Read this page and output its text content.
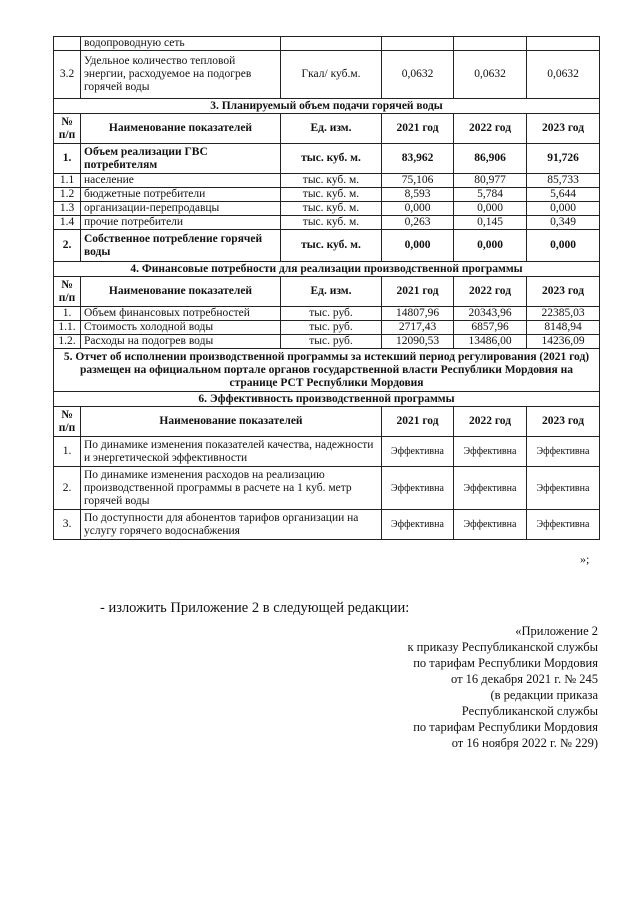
	водопроводную сеть				
3.2	Удельное количество тепловой энергии, расходуемое на подогрев горячей воды	Гкал/ куб.м.	0,0632	0,0632	0,0632
3. Планируемый объем подачи горячей воды					
№ п/п	Наименование показателей	Ед. изм.	2021 год	2022 год	2023 год
1.	Объем реализации ГВС потребителям	тыс. куб. м.	83,962	86,906	91,726
1.1	население	тыс. куб. м.	75,106	80,977	85,733
1.2	бюджетные потребители	тыс. куб. м.	8,593	5,784	5,644
1.3	организации-перепродавцы	тыс. куб. м.	0,000	0,000	0,000
1.4	прочие потребители	тыс. куб. м.	0,263	0,145	0,349
2.	Собственное потребление горячей воды	тыс. куб. м.	0,000	0,000	0,000
4. Финансовые потребности для реализации производственной программы					
№ п/п	Наименование показателей	Ед. изм.	2021 год	2022 год	2023 год
1.	Объем финансовых потребностей	тыс. руб.	14807,96	20343,96	22385,03
1.1.	Стоимость холодной воды	тыс. руб.	2717,43	6857,96	8148,94
1.2.	Расходы на подогрев воды	тыс. руб.	12090,53	13486,00	14236,09
5. Отчет об исполнении производственной программы за истекший период регулирования (2021 год) размещен на официальном портале органов государственной власти Республики Мордовия на странице РСТ Республики Мордовия					
6. Эффективность производственной программы					
№ п/п	Наименование показателей		2021 год	2022 год	2023 год
1.	По динамике изменения показателей качества, надежности и энергетической эффективности		Эффективна	Эффективна	Эффективна
2.	По динамике изменения расходов на реализацию производственной программы в расчете на 1 куб. метр горячей воды		Эффективна	Эффективна	Эффективна
3.	По доступности для абонентов тарифов организации на услугу горячего водоснабжения		Эффективна	Эффективна	Эффективна
»;
- изложить Приложение 2 в следующей редакции:
«Приложение 2
к приказу Республиканской службы
по тарифам Республики Мордовия
от 16 декабря 2021 г. № 245
(в редакции приказа
Республиканской службы
по тарифам Республики Мордовия
от 16 ноября 2022 г. № 229)
